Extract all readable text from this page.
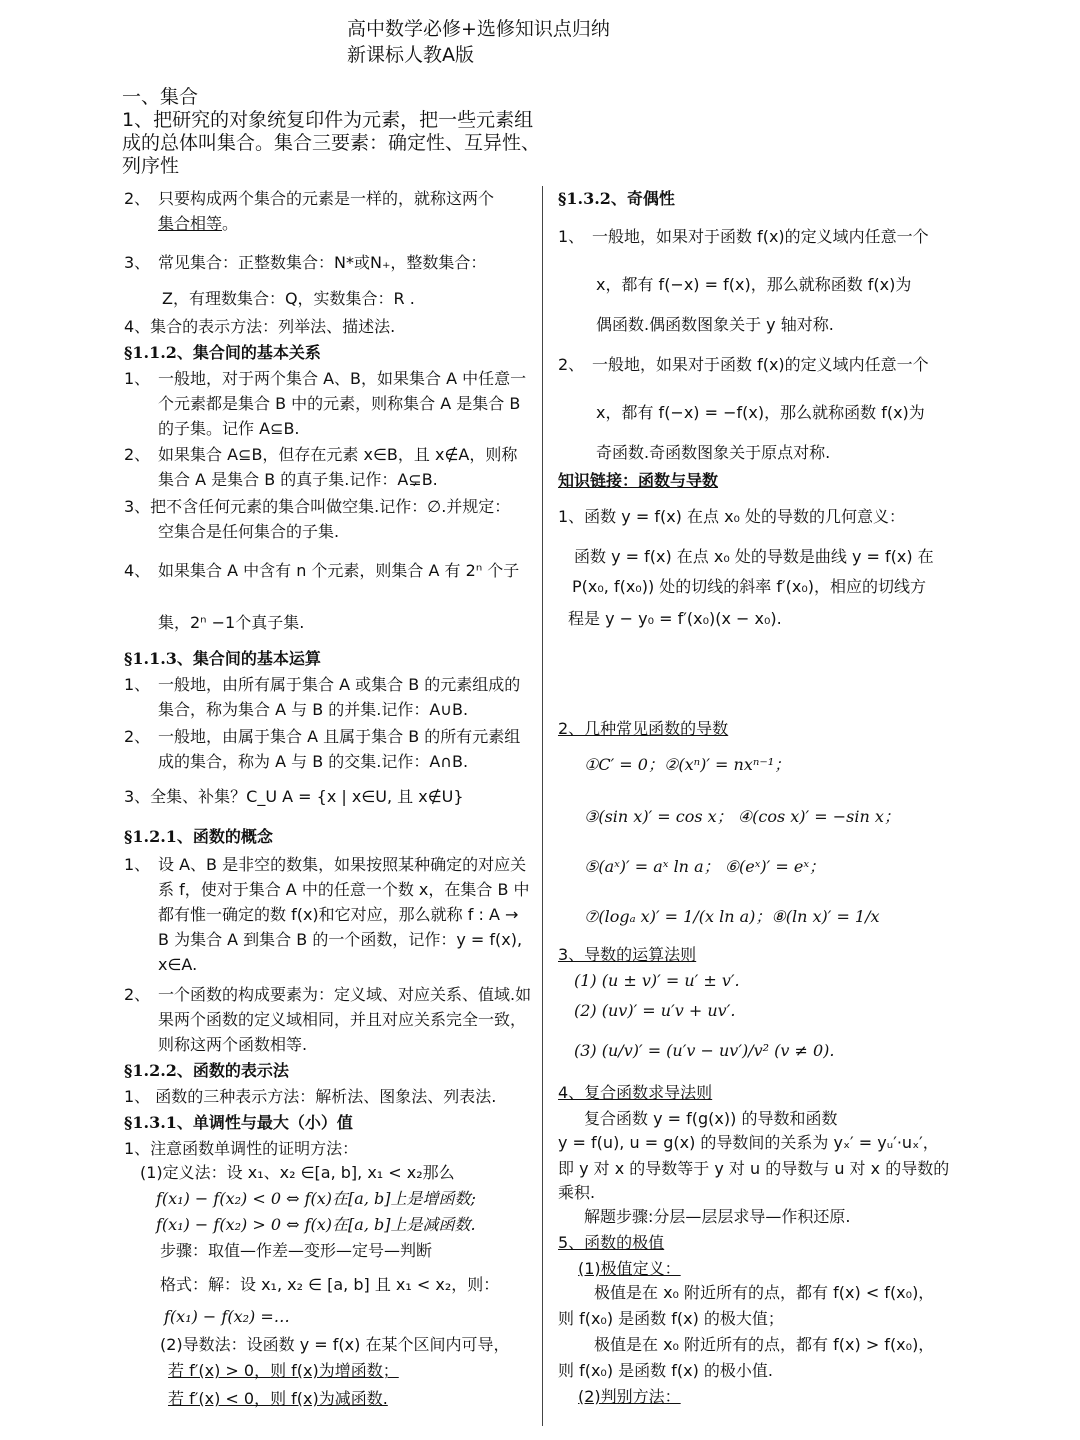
高中数学必修+选修知识点归纳
新课标人教A版
一、集合
1、把研究的对象统复印件为元素，把一些元素组成的总体叫集合。集合三要素：确定性、互异性、列序性
2、 只要构成两个集合的元素是一样的，就称这两个
集合相等。
3、 常见集合：正整数集合：N*或N₊，整数集合：
Z，有理数集合：Q，实数集合：R .
4、集合的表示方法：列举法、描述法.
§1.1.2、集合间的基本关系
1、 一般地，对于两个集合 A、B，如果集合 A 中任意一个元素都是集合 B 中的元素，则称集合 A 是集合 B 的子集。记作 A⊆B.
2、 如果集合 A⊆B，但存在元素 x∈B，且 x∉A，则称集合 A 是集合 B 的真子集.记作：A⊊B.
3、把不含任何元素的集合叫做空集.记作：∅.并规定：
空集合是任何集合的子集.
4、 如果集合 A 中含有 n 个元素，则集合 A 有 2ⁿ 个子
集，2ⁿ −1个真子集.
§1.1.3、集合间的基本运算
1、 一般地，由所有属于集合 A 或集合 B 的元素组成的集合，称为集合 A 与 B 的并集.记作：A∪B.
2、 一般地，由属于集合 A 且属于集合 B 的所有元素组成的集合，称为 A 与 B 的交集.记作：A∩B.
3、全集、补集？C_U A = {x | x∈U, 且 x∉U}
§1.2.1、函数的概念
1、 设 A、B 是非空的数集，如果按照某种确定的对应关系 f，使对于集合 A 中的任意一个数 x，在集合 B 中都有惟一确定的数 f(x)和它对应，那么就称 f : A → B 为集合 A 到集合 B 的一个函数，记作：y = f(x), x∈A.
2、 一个函数的构成要素为：定义域、对应关系、值域.如果两个函数的定义域相同，并且对应关系完全一致，则称这两个函数相等.
§1.2.2、函数的表示法
1、 函数的三种表示方法：解析法、图象法、列表法.
§1.3.1、单调性与最大（小）值
1、注意函数单调性的证明方法：
(1)定义法：设 x₁、x₂ ∈[a, b], x₁ < x₂那么
f(x₁) − f(x₂) < 0 ⇔ f(x)在[a, b]上是增函数;
f(x₁) − f(x₂) > 0 ⇔ f(x)在[a, b]上是减函数.
步骤：取值—作差—变形—定号—判断
格式：解：设 x₁, x₂ ∈ [a, b] 且 x₁ < x₂，则：
f(x₁) − f(x₂) =…
(2)导数法：设函数 y = f(x) 在某个区间内可导，
若 f′(x) > 0，则 f(x)为增函数；
若 f′(x) < 0，则 f(x)为减函数.
§1.3.2、奇偶性
1、 一般地，如果对于函数 f(x)的定义域内任意一个
x，都有 f(−x) = f(x)，那么就称函数 f(x)为
偶函数.偶函数图象关于 y 轴对称.
2、 一般地，如果对于函数 f(x)的定义域内任意一个
x，都有 f(−x) = −f(x)，那么就称函数 f(x)为
奇函数.奇函数图象关于原点对称.
知识链接：函数与导数
1、函数 y = f(x) 在点 x₀ 处的导数的几何意义：
函数 y = f(x) 在点 x₀ 处的导数是曲线 y = f(x) 在
P(x₀, f(x₀)) 处的切线的斜率 f′(x₀)，相应的切线方
程是 y − y₀ = f′(x₀)(x − x₀).
2、几种常见函数的导数
①C′ = 0；②(xⁿ)′ = nxⁿ⁻¹；
③(sin x)′ = cos x； ④(cos x)′ = −sin x；
⑤(aˣ)′ = aˣ ln a； ⑥(eˣ)′ = eˣ；
⑦(logₐ x)′ = 1/(x ln a)；⑧(ln x)′ = 1/x
3、导数的运算法则
(1) (u ± v)′ = u′ ± v′.
(2) (uv)′ = u′v + uv′.
(3) (u/v)′ = (u′v − uv′)/v² (v ≠ 0).
4、复合函数求导法则
复合函数 y = f(g(x)) 的导数和函数
y = f(u), u = g(x) 的导数间的关系为 yₓ′ = yᵤ′·uₓ′，
即 y 对 x 的导数等于 y 对 u 的导数与 u 对 x 的导数的
乘积.
解题步骤:分层—层层求导—作积还原.
5、函数的极值
(1)极值定义：
极值是在 x₀ 附近所有的点，都有 f(x) < f(x₀)，
则 f(x₀) 是函数 f(x) 的极大值；
极值是在 x₀ 附近所有的点，都有 f(x) > f(x₀)，
则 f(x₀) 是函数 f(x) 的极小值.
(2)判别方法：
